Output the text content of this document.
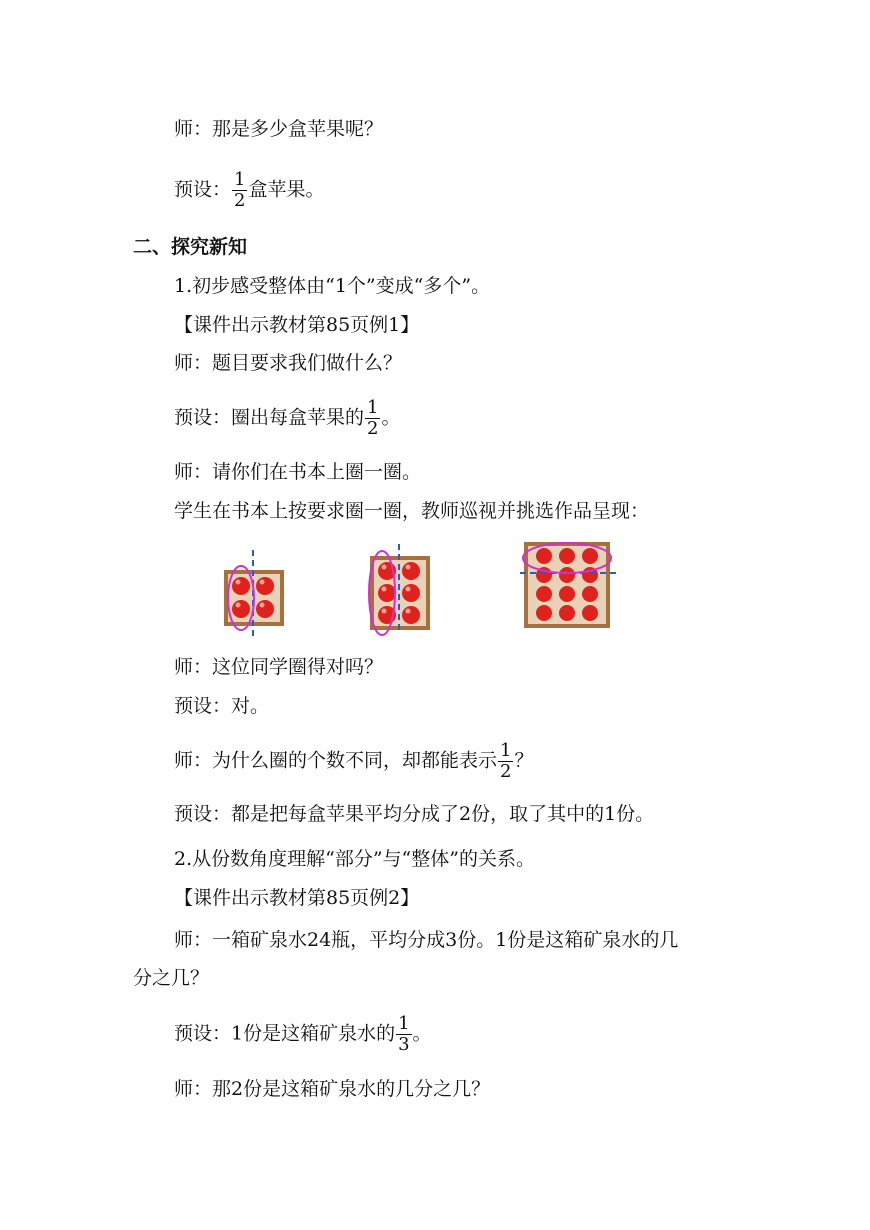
师：那是多少盒苹果呢？
预设： $\frac{1}{2}$ 盒苹果。
二、探究新知
1.初步感受整体由“1个”变成“多个”。
【课件出示教材第85页例1】
师：题目要求我们做什么？
预设：圈出每盒苹果的 $\frac{1}{2}$ 。
师：请你们在书本上圈一圈。
学生在书本上按要求圈一圈，教师巡视并挑选作品呈现：
师：这位同学圈得对吗？
预设：对。
师：为什么圈的个数不同，却都能表示 $\frac{1}{2}$ ？
预设：都是把每盒苹果平均分成了2份，取了其中的1份。
2.从份数角度理解“部分”与“整体”的关系。
【课件出示教材第85页例2】
师：一箱矿泉水24瓶，平均分成3份。1份是这箱矿泉水的几
分之几？
预设：1份是这箱矿泉水的 $\frac{1}{3}$ 。
师：那2份是这箱矿泉水的几分之几？
